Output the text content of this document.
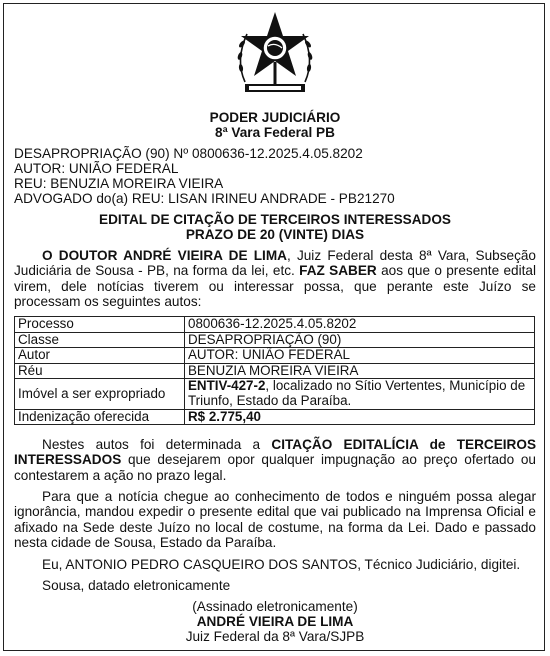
PODER JUDICIÁRIO
8ª Vara Federal PB
DESAPROPRIAÇÃO (90) Nº 0800636-12.2025.4.05.8202
AUTOR: UNIÃO FEDERAL
REU: BENUZIA MOREIRA VIEIRA
ADVOGADO do(a) REU: LISAN IRINEU ANDRADE - PB21270
EDITAL DE CITAÇÃO DE TERCEIROS INTERESSADOS
PRAZO DE 20 (VINTE) DIAS
O DOUTOR ANDRÉ VIEIRA DE LIMA, Juiz Federal desta 8ª Vara, Subseção Judiciária de Sousa - PB, na forma da lei, etc. FAZ SABER aos que o presente edital virem, dele notícias tiverem ou interessar possa, que perante este Juízo se processam os seguintes autos:
Processo	0800636-12.2025.4.05.8202
Classe	DESAPROPRIAÇÃO (90)
Autor	AUTOR: UNIÃO FEDERAL
Réu	BENUZIA MOREIRA VIEIRA
Imóvel a ser expropriado	ENTIV-427-2, localizado no Sítio Vertentes, Município de Triunfo, Estado da Paraíba.
Indenização oferecida	R$ 2.775,40
Nestes autos foi determinada a CITAÇÃO EDITALÍCIA de TERCEIROS INTERESSADOS que desejarem opor qualquer impugnação ao preço ofertado ou contestarem a ação no prazo legal.
Para que a notícia chegue ao conhecimento de todos e ninguém possa alegar ignorância, mandou expedir o presente edital que vai publicado na Imprensa Oficial e afixado na Sede deste Juízo no local de costume, na forma da Lei. Dado e passado nesta cidade de Sousa, Estado da Paraíba.
Eu, ANTONIO PEDRO CASQUEIRO DOS SANTOS, Técnico Judiciário, digitei.
Sousa, datado eletronicamente
(Assinado eletronicamente)
ANDRÉ VIEIRA DE LIMA
Juiz Federal da 8ª Vara/SJPB
